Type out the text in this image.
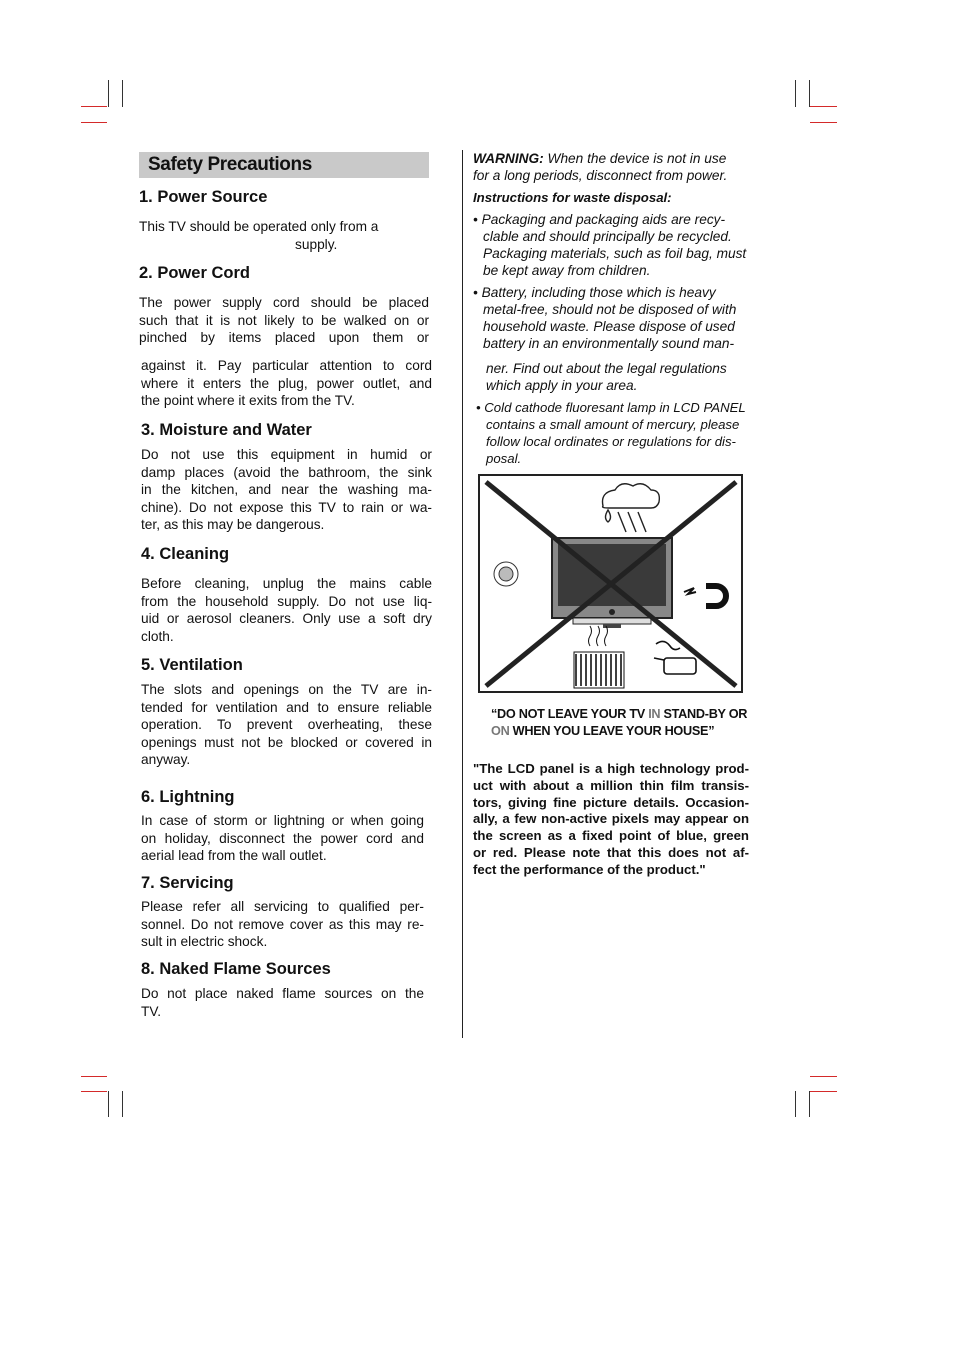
Safety Precautions
1. Power Source
This TV should be operated only from a
supply.
2. Power Cord
The power supply cord should be placed
such that it is not likely to be walked on or
pinched by items placed upon them or
against it. Pay particular attention to cord
where it enters the plug, power outlet, and
the point where it exits from the TV.
3. Moisture and Water
Do not use this equipment in humid or
damp places (avoid the bathroom, the sink
in the kitchen, and near the washing ma-
chine). Do not expose this TV to rain or wa-
ter, as this may be dangerous.
4. Cleaning
Before cleaning, unplug the mains cable
from the household supply. Do not use liq-
uid or aerosol cleaners. Only use a soft dry
cloth.
5. Ventilation
The slots and openings on the TV are in-
tended for ventilation and to ensure reliable
operation. To prevent overheating, these
openings must not be blocked or covered in
anyway.
6. Lightning
In case of storm or lightning or when going
on holiday, disconnect the power cord and
aerial lead from the wall outlet.
7. Servicing
Please refer all servicing to qualified per-
sonnel. Do not remove cover as this may re-
sult in electric shock.
8. Naked Flame Sources
Do not place naked flame sources on the
TV.
WARNING: When the device is not in use
for a long periods, disconnect from power.
Instructions for waste disposal:
• Packaging and packaging aids are recy-
clable and should principally be recycled.
Packaging materials, such as foil bag, must
be kept away from children.
• Battery, including those which is heavy
metal-free, should not be disposed of with
household waste. Please dispose of used
battery in an environmentally sound man-
ner. Find out about the legal regulations
which apply in your area.
• Cold cathode fluoresant lamp in LCD PANEL
contains a small amount of mercury, please
follow local ordinates or regulations for dis-
posal.
“DO NOT LEAVE YOUR TV IN STAND-BY OR
ON WHEN YOU LEAVE YOUR HOUSE”
"The LCD panel is a high technology prod-
uct with about a million thin film transis-
tors, giving fine picture details. Occasion-
ally, a few non-active pixels may appear on
the screen as a fixed point of blue, green
or red. Please note that this does not af-
fect the performance of the product."
